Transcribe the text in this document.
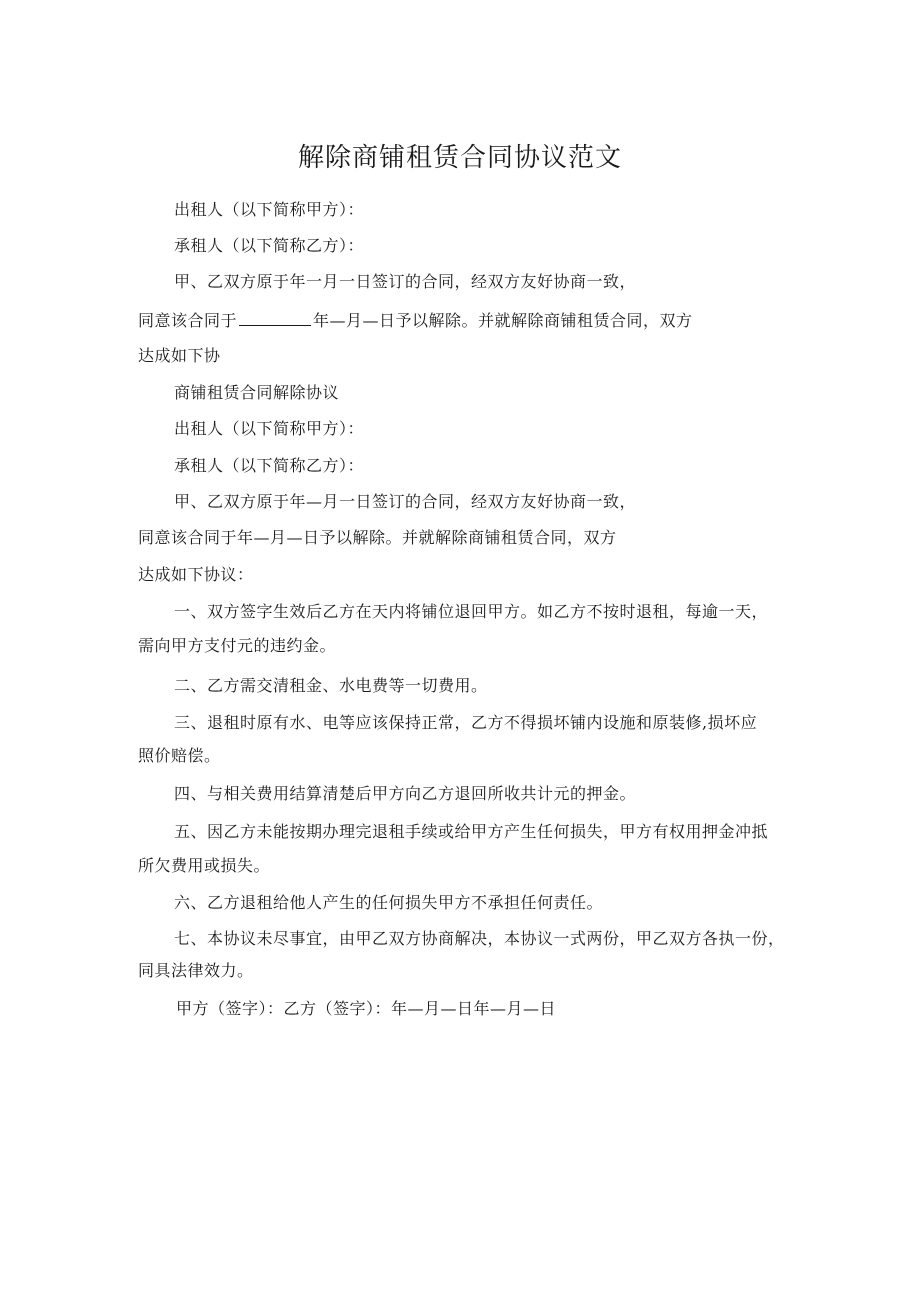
解除商铺租赁合同协议范文
出租人（以下简称甲方）：
承租人（以下简称乙方）：
甲、乙双方原于年一月一日签订的合同，经双方友好协商一致，
同意该合同于	年—月—日予以解除。并就解除商铺租赁合同，双方
达成如下协
商铺租赁合同解除协议
出租人（以下简称甲方）：
承租人（以下简称乙方）：
甲、乙双方原于年—月一日签订的合同，经双方友好协商一致，
同意该合同于年—月—日予以解除。并就解除商铺租赁合同，双方
达成如下协议：
一、双方签字生效后乙方在天内将铺位退回甲方。如乙方不按时退租，每逾一天，
需向甲方支付元的违约金。
二、乙方需交清租金、水电费等一切费用。
三、退租时原有水、电等应该保持正常，乙方不得损坏铺内设施和原装修,损坏应
照价赔偿。
四、与相关费用结算清楚后甲方向乙方退回所收共计元的押金。
五、因乙方未能按期办理完退租手续或给甲方产生任何损失，甲方有权用押金冲抵
所欠费用或损失。
六、乙方退租给他人产生的任何损失甲方不承担任何责任。
七、本协议未尽事宜，由甲乙双方协商解决，本协议一式两份，甲乙双方各执一份，
同具法律效力。
甲方（签字）：乙方（签字）：年—月—日年—月—日
